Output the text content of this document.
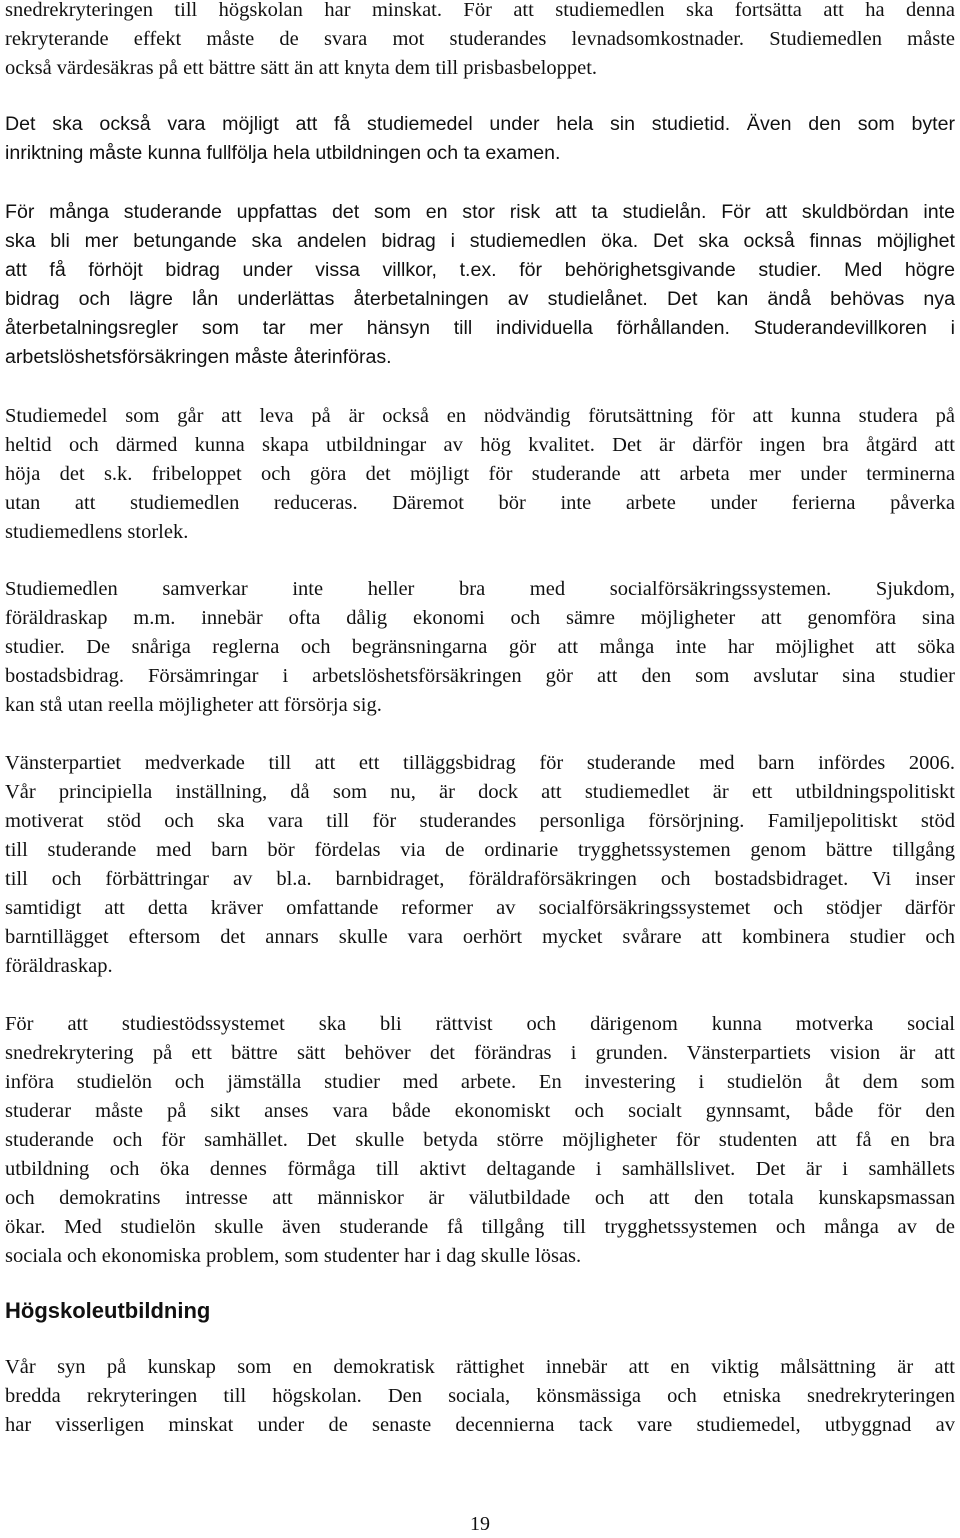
snedrekryteringen till högskolan har minskat. För att studiemedlen ska fortsätta att ha denna
rekryterande effekt måste de svara mot studerandes levnadsomkostnader. Studiemedlen måste
också värdesäkras på ett bättre sätt än att knyta dem till prisbasbeloppet.

Det ska också vara möjligt att få studiemedel under hela sin studietid. Även den som byter
inriktning måste kunna fullfölja hela utbildningen och ta examen.

För många studerande uppfattas det som en stor risk att ta studielån. För att skuldbördan inte
ska bli mer betungande ska andelen bidrag i studiemedlen öka. Det ska också finnas möjlighet
att få förhöjt bidrag under vissa villkor, t.ex. för behörighetsgivande studier. Med högre
bidrag och lägre lån underlättas återbetalningen av studielånet. Det kan ändå behövas nya
återbetalningsregler som tar mer hänsyn till individuella förhållanden. Studerandevillkoren i
arbetslöshetsförsäkringen måste återinföras.

Studiemedel som går att leva på är också en nödvändig förutsättning för att kunna studera på
heltid och därmed kunna skapa utbildningar av hög kvalitet. Det är därför ingen bra åtgärd att
höja det s.k. fribeloppet och göra det möjligt för studerande att arbeta mer under terminerna
utan att studiemedlen reduceras. Däremot bör inte arbete under ferierna påverka
studiemedlens storlek.

Studiemedlen samverkar inte heller bra med socialförsäkringssystemen. Sjukdom,
föräldraskap m.m. innebär ofta dålig ekonomi och sämre möjligheter att genomföra sina
studier. De snåriga reglerna och begränsningarna gör att många inte har möjlighet att söka
bostadsbidrag. Försämringar i arbetslöshetsförsäkringen gör att den som avslutar sina studier
kan stå utan reella möjligheter att försörja sig.

Vänsterpartiet medverkade till att ett tilläggsbidrag för studerande med barn infördes 2006.
Vår principiella inställning, då som nu, är dock att studiemedlet är ett utbildningspolitiskt
motiverat stöd och ska vara till för studerandes personliga försörjning. Familjepolitiskt stöd
till studerande med barn bör fördelas via de ordinarie trygghetssystemen genom bättre tillgång
till och förbättringar av bl.a. barnbidraget, föräldraförsäkringen och bostadsbidraget. Vi inser
samtidigt att detta kräver omfattande reformer av socialförsäkringssystemet och stödjer därför
barntillägget eftersom det annars skulle vara oerhört mycket svårare att kombinera studier och
föräldraskap.

För att studiestödssystemet ska bli rättvist och därigenom kunna motverka social
snedrekrytering på ett bättre sätt behöver det förändras i grunden. Vänsterpartiets vision är att
införa studielön och jämställa studier med arbete. En investering i studielön åt dem som
studerar måste på sikt anses vara både ekonomiskt och socialt gynnsamt, både för den
studerande och för samhället. Det skulle betyda större möjligheter för studenten att få en bra
utbildning och öka dennes förmåga till aktivt deltagande i samhällslivet. Det är i samhällets
och demokratins intresse att människor är välutbildade och att den totala kunskapsmassan
ökar. Med studielön skulle även studerande få tillgång till trygghetssystemen och många av de
sociala och ekonomiska problem, som studenter har i dag skulle lösas.

Högskoleutbildning

Vår syn på kunskap som en demokratisk rättighet innebär att en viktig målsättning är att
bredda rekryteringen till högskolan. Den sociala, könsmässiga och etniska snedrekryteringen
har visserligen minskat under de senaste decennierna tack vare studiemedel, utbyggnad av

19
